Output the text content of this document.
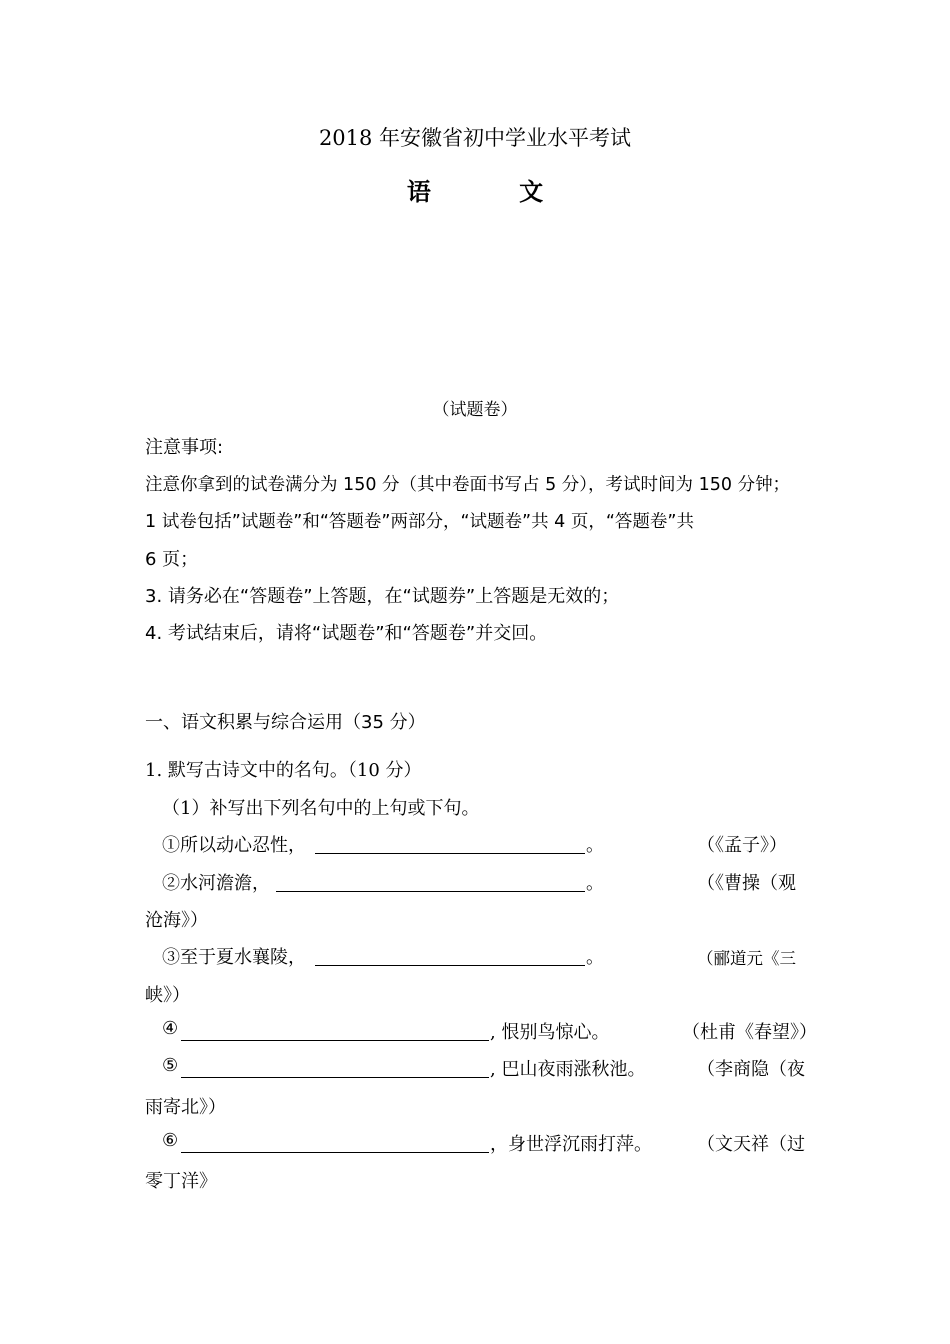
2018 年安徽省初中学业水平考试
语 文
（试题卷）
注意事项:
注意你拿到的试卷满分为 150 分（其中卷面书写占 5 分），考试时间为 150 分钟；
1 试卷包括”试题卷”和“答题卷”两部分，“试题卷”共 4 页，“答题卷”共
6 页；
3. 请务必在“答题卷”上答题，在“试题券”上答题是无效的；
4. 考试结束后，请将“试题卷”和“答题卷”并交回。
一、语文积累与综合运用（35 分）
1. 默写古诗文中的名句。（10 分）
（1）补写出下列名句中的上句或下句。
①所以动心忍性，	。	（《孟子》）
②水河澹澹，	。	（《曹操（观
沧海》）
③至于夏水襄陵，	。	（郦道元《三
峡》）
④	, 恨别鸟惊心。	（杜甫《春望》）
⑤	, 巴山夜雨涨秋池。	（李商隐（夜
雨寄北》）
⑥	，身世浮沉雨打萍。	（文天祥（过
零丁洋》
